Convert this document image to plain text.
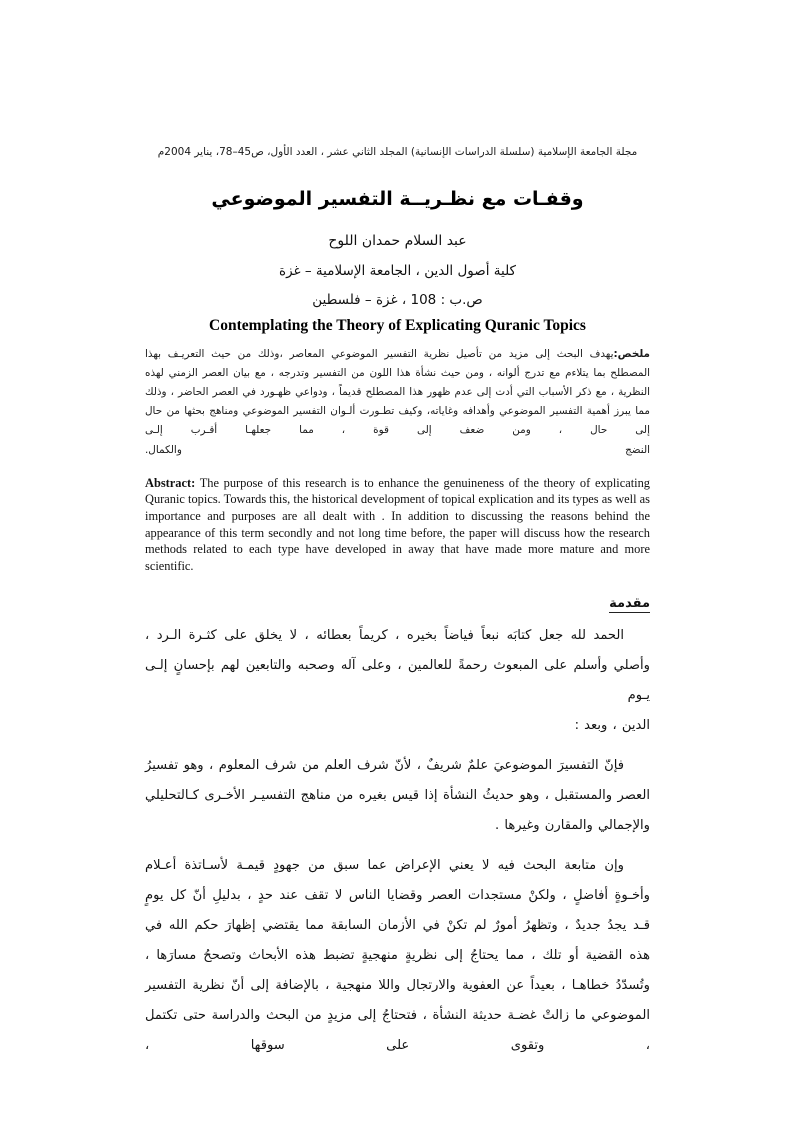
مجلة الجامعة الإسلامية (سلسلة الدراسات الإنسانية) المجلد الثاني عشر ، العدد الأول، ص45–78، يناير 2004م
وقفـات مع نظـريــة التفسير الموضوعي
عبد السلام حمدان اللوح
كلية أصول الدين ، الجامعة الإسلامية – غزة
ص.ب : 108 ، غزة – فلسطين
Contemplating the Theory of Explicating Quranic Topics
ملخص:يهدف البحث إلى مزيد من تأصيل نظرية التفسير الموضوعي المعاصر ،وذلك من حيث التعريـف بهذا المصطلح بما يتلاءم مع تدرج ألوانه ، ومن حيث نشأة هذا اللون من التفسير وتدرجه ، مع بيان العصر الزمني لهذه النظرية ، مع ذكر الأسباب التي أدت إلى عدم ظهور هذا المصطلح قديماً ، ودواعي ظهـورد في العصر الحاضر ، وذلك مما يبرز أهمية التفسير الموضوعي وأهدافه وغاياته، وكيف تطـورت ألـوان التفسير الموضوعي ومناهج بحثها من حال إلى حال ، ومن ضعف إلى قوة ، مما جعلهـا أقـرب إلـى
النضج والكمال.
Abstract: The purpose of this research is to enhance the genuineness of the theory of explicating Quranic topics. Towards this, the historical development of topical explication and its types as well as importance and purposes are all dealt with . In addition to discussing the reasons behind the appearance of this term secondly and not long time before, the paper will discuss how the research methods related to each type have developed in away that have made more mature and more scientific.
مقدمة
الحمد لله جعل كتابَه نبعاً فياضاً بخيره ، كريماً بعطائه ، لا يخلق على كثـرة الـرد ، وأصلي وأسلم على المبعوث رحمةً للعالمين ، وعلى آله وصحبه والتابعين لهم بإحسانٍ إلـى يـوم
الدين ، وبعد :
فإنّ التفسيرَ الموضوعيَ علمٌ شريفٌ ، لأنّ شرف العلم من شرف المعلوم ، وهو تفسيرُ العصر والمستقبل ، وهو حديثُ النشأة إذا قيس بغيره من مناهج التفسيـر الأخـرى كـالتحليلي
والإجمالي والمقارن وغيرها .
وإن متابعة البحث فيه لا يعني الإعراض عما سبق من جهودٍ قيمـة لأسـاتذة أعـلام وأخـوةٍ أفاضلٍ ، ولكنْ مستجدات العصر وقضايا الناس لا تقف عند حدٍ ، بدليلِ أنّ كل يومٍ قـد يجدُ جديدٌ ، وتظهرُ أمورٌ لم تكنْ في الأزمان السابقة مما يقتضي إظهارَ حكم الله في هذه القضية أو تلك ، مما يحتاجُ إلى نظريةٍ منهجيةٍ تضبط هذه الأبحاث وتصححُ مسارَها ، وتُسدّدُ خطاهـا ، بعيداً عن العفوية والارتجال واللا منهجية ، بالإضافة إلى أنّ نظرية التفسير الموضوعي ما زالتْ غضـة حديثة النشأة ، فتحتاجُ إلى مزيدٍ من البحث والدراسة حتى تكتمل ، وتقوى على سوقها ،
